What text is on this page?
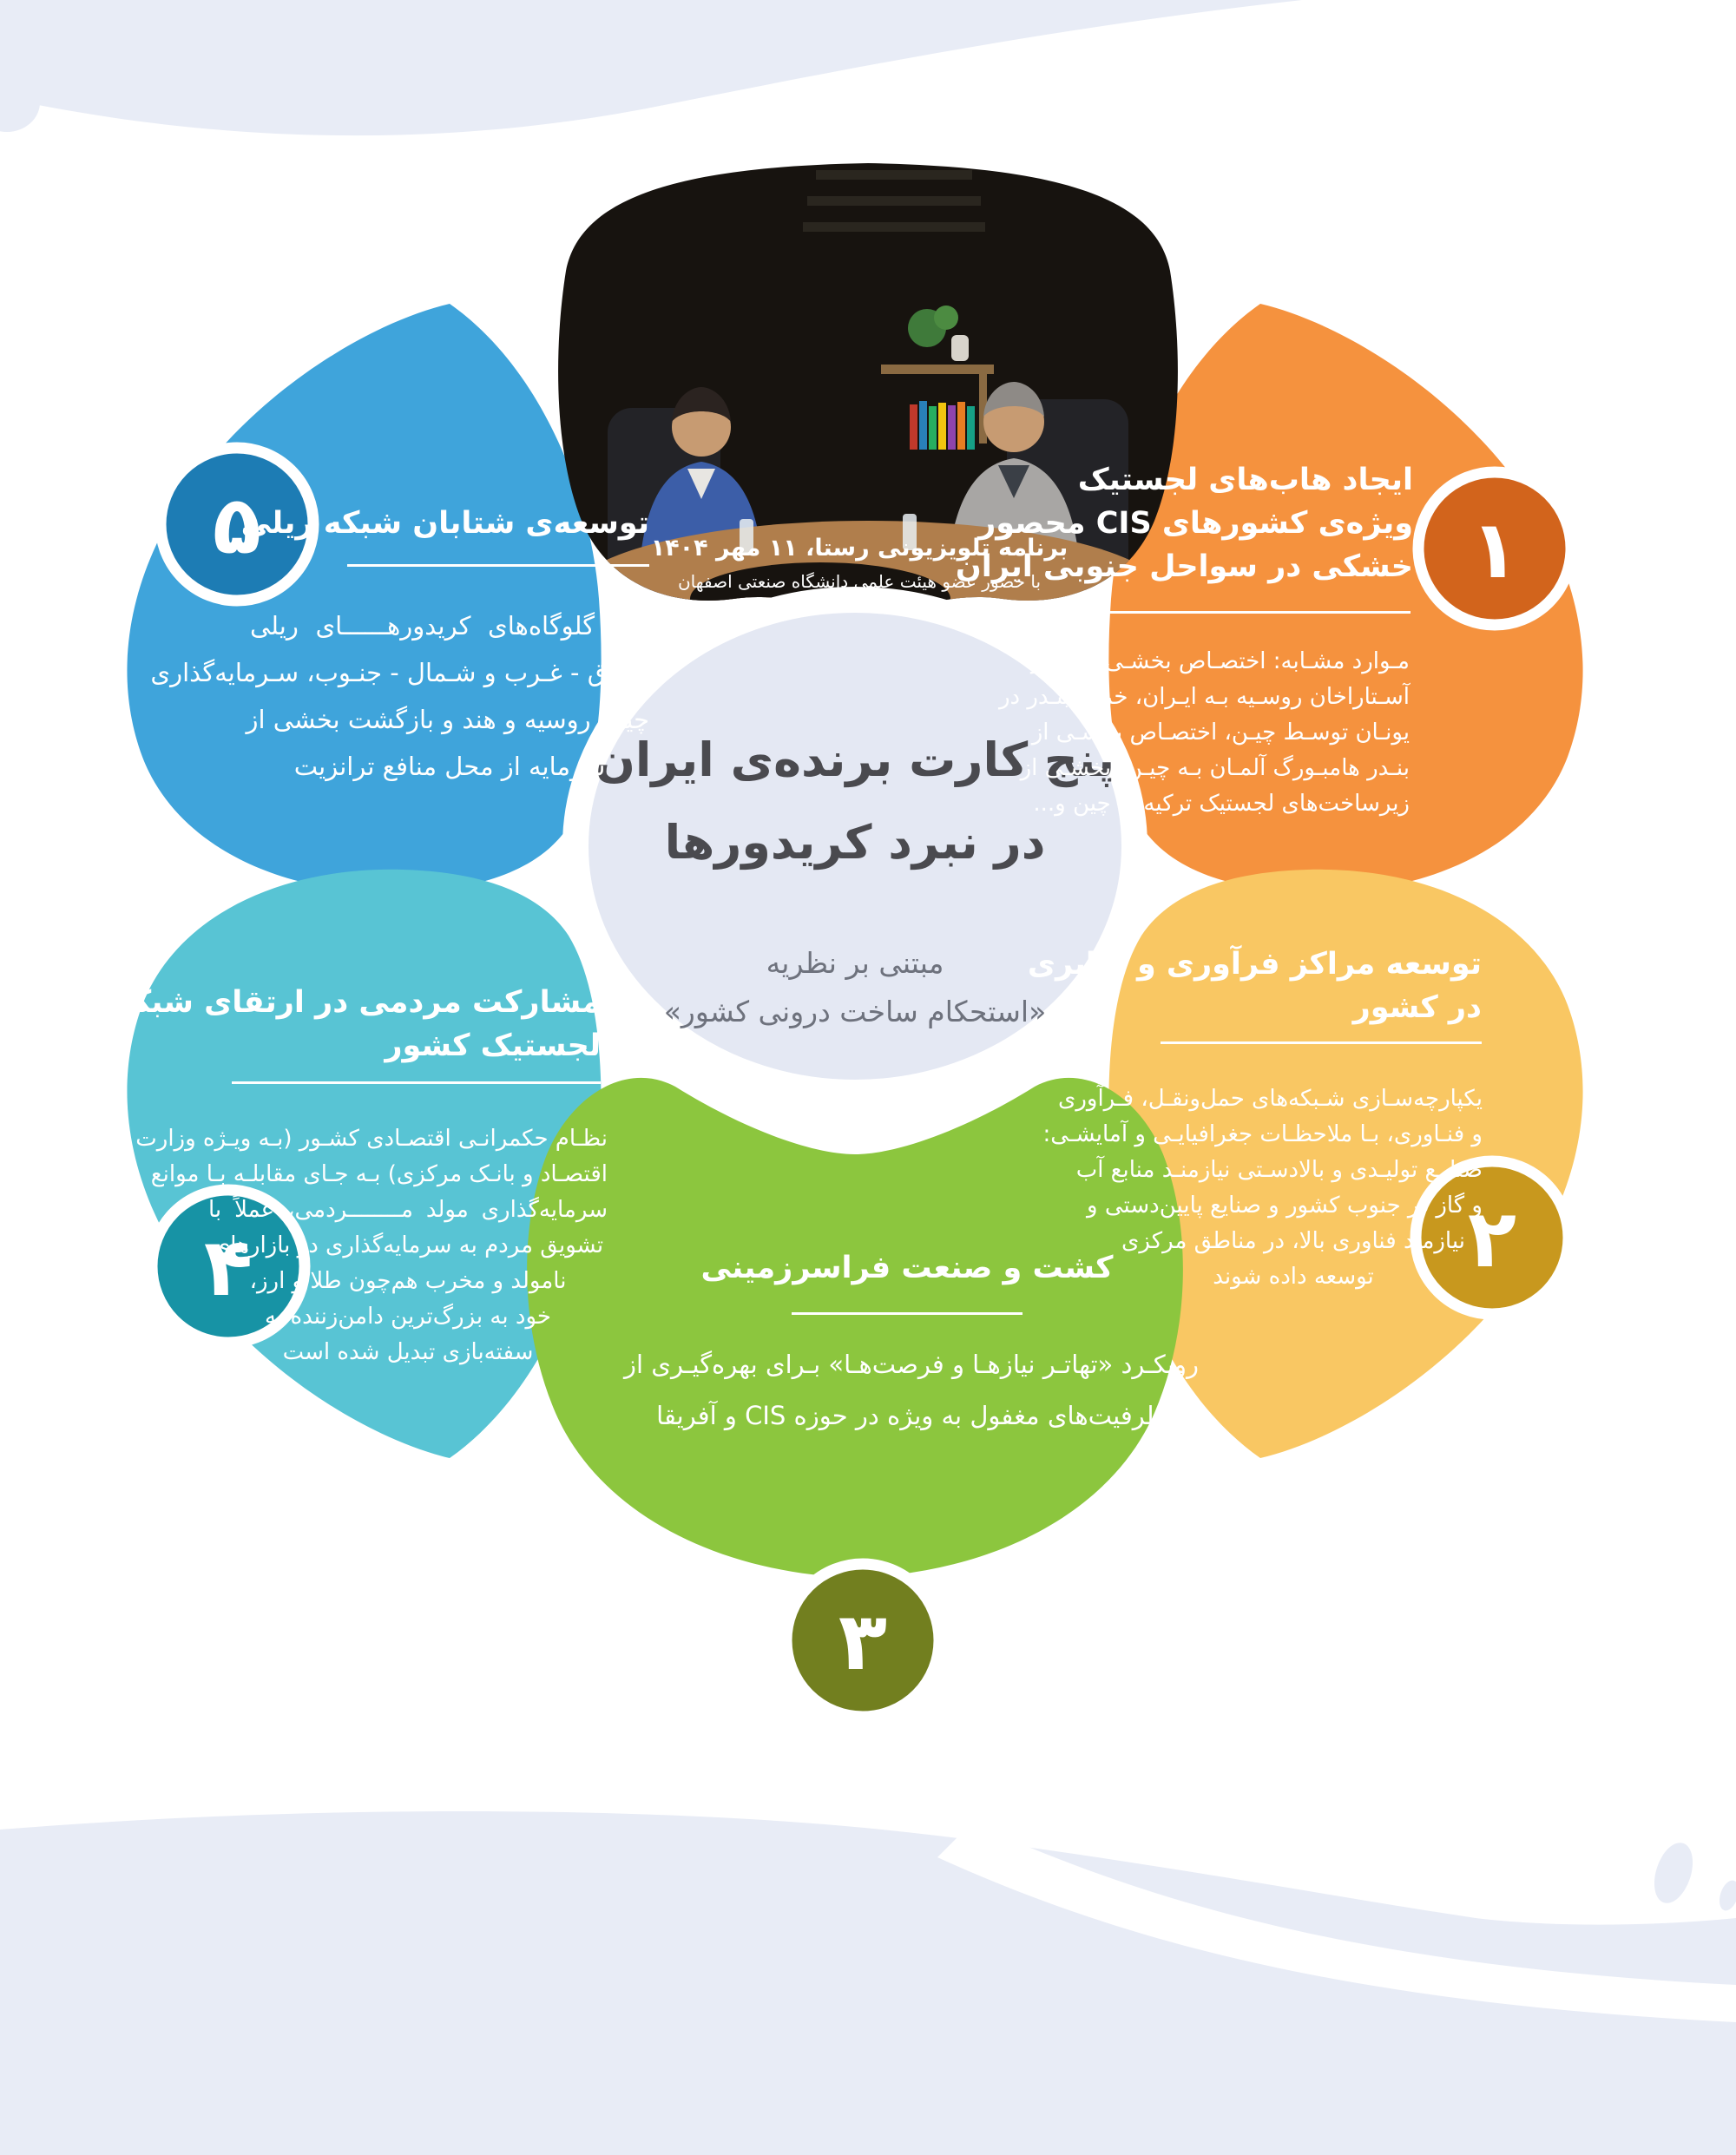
۱
۲
۳
۴
۵	برنامه تلویزیونی رستا، ۱۱ مهر ۱۴۰۴
با حضور عضو هیئت علمی دانشگاه صنعتی اصفهان
پنج کارت برنده‌ی ایران
در نبرد کریدورها
مبتنی بر نظریه
«استحکام ساخت درونی کشور»
ایجاد هاب‌های لجستیک
ویژه‌ی کشورهای CIS محصور
خشکی در سواحل جنوبی ایران
مـوارد مشـابه: اختصـاص بخشـی از بنـدر
آسـتاراخان روسـیه بـه ایـران، خریـد بنـدر در
یونـان توسـط چیـن، اختصـاص بخشـی از
بنـدر هامبـورگ آلمـان بـه چیـن، بخشـی از
زیرساخت‌های لجستیک ترکیه به چین و...
توسعه مراکز فرآوری و ترابری
در کشور
یکپارچه‌سـازی شـبکه‌های حمل‌ونقـل، فـرآوری
و فنـاوری، بـا ملاحظـات جغرافیایـی و آمایشـی:
صنایـع تولیـدی و بالادسـتی نیازمنـد منابع آب
و گاز در جنوب کشور و صنایع پایین‌دستی و
نیازمند فناوری بالا، در مناطق مرکزی
توسعه داده شوند
کشت و صنعت فراسرزمینی
رویکـرد «تهاتـر نیازهـا و فرصت‌هـا» بـرای بهره‌گیـری از
ظرفیت‌های مغفول به ویژه در حوزه CIS و آفریقا
مشارکت مردمی در ارتقای شبکه‌های
لجستیک کشور
نظـام حکمرانـی اقتصـادی کشـور (بـه ویـژه وزارت
اقتصـاد و بانـک مرکزی) بـه جـای مقابلـه بـا موانع
سرمایه‌گذاری مولد مــــــــردمی، عملاً با
تشویق مردم به سرمایه‌گذاری در بازارهای
نامولد و مخرب هم‌چون طلا و ارز،
خود به بزرگ‌ترین دامن‌زننده به
سفته‌بازی تبدیل شده است
توسعه‌ی شتابان شبکه ریلی
رفع گلوگاه‌های کریدورهــــــای ریلی
شـرق - غـرب و شـمال - جنـوب، سـرمایه‌گذاری
چین، روسیه و هند و بازگشت بخشی از
سرمایه از محل منافع ترانزیت
